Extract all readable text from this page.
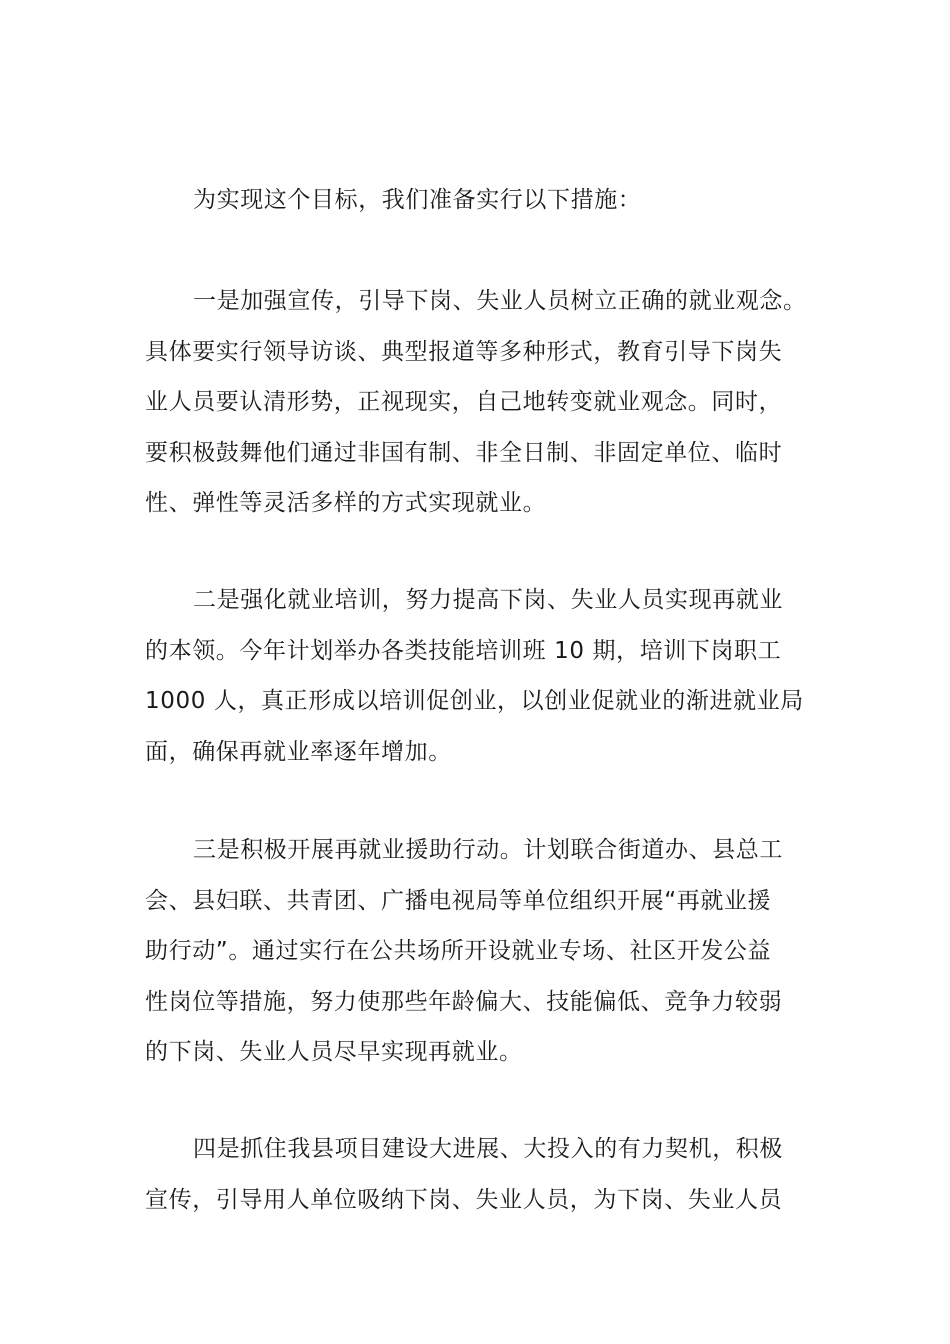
为实现这个目标，我们准备实行以下措施：

一是加强宣传，引导下岗、失业人员树立正确的就业观念。
具体要实行领导访谈、典型报道等多种形式，教育引导下岗失
业人员要认清形势，正视现实，自己地转变就业观念。同时，
要积极鼓舞他们通过非国有制、非全日制、非固定单位、临时
性、弹性等灵活多样的方式实现就业。

二是强化就业培训，努力提高下岗、失业人员实现再就业
的本领。今年计划举办各类技能培训班 10 期，培训下岗职工
1000 人，真正形成以培训促创业，以创业促就业的渐进就业局
面，确保再就业率逐年增加。

三是积极开展再就业援助行动。计划联合街道办、县总工
会、县妇联、共青团、广播电视局等单位组织开展“再就业援
助行动”。通过实行在公共场所开设就业专场、社区开发公益
性岗位等措施，努力使那些年龄偏大、技能偏低、竞争力较弱
的下岗、失业人员尽早实现再就业。

四是抓住我县项目建设大进展、大投入的有力契机，积极
宣传，引导用人单位吸纳下岗、失业人员，为下岗、失业人员
